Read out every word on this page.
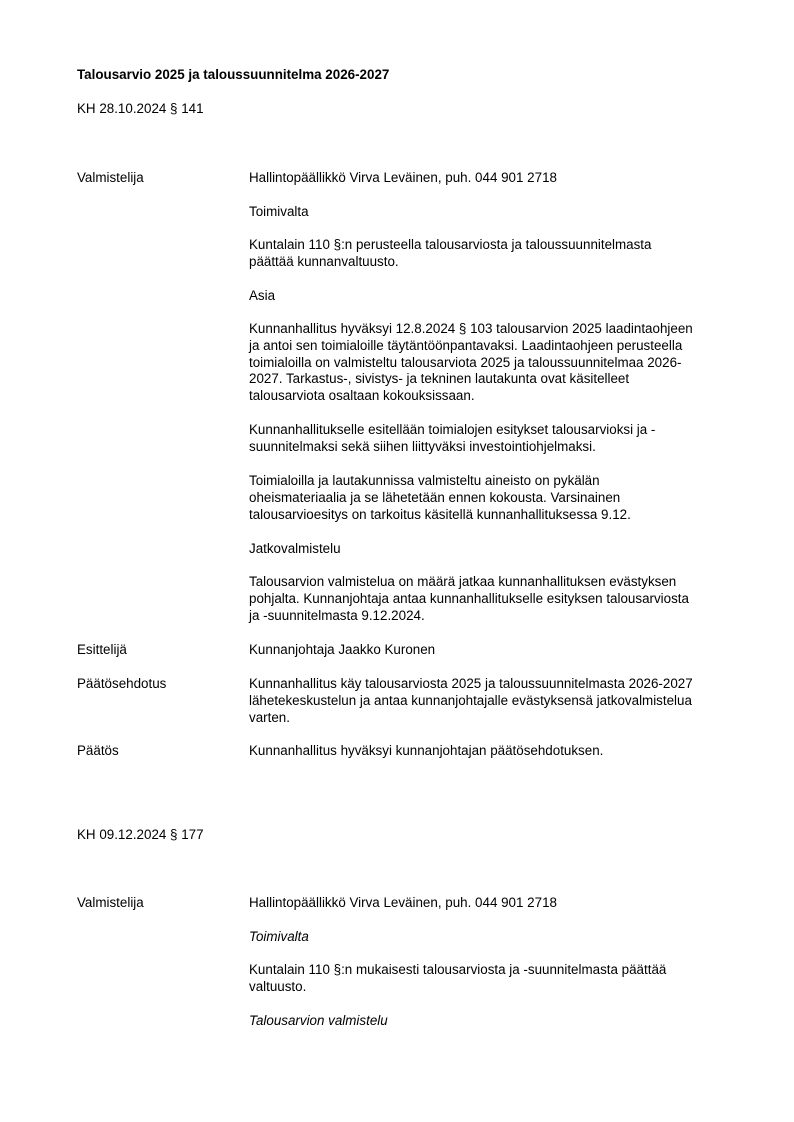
Talousarvio 2025 ja taloussuunnitelma 2026-2027
KH 28.10.2024 § 141
Valmistelija	Hallintopäällikkö Virva Leväinen, puh. 044 901 2718
Toimivalta

Kuntalain 110 §:n perusteella talousarviosta ja taloussuunnitelmasta

päättää kunnanvaltuusto.

Asia

Kunnanhallitus hyväksyi 12.8.2024 § 103 talousarvion 2025 laadintaohjeen

ja antoi sen toimialoille täytäntöönpantavaksi. Laadintaohjeen perusteella

toimialoilla on valmisteltu talousarviota 2025 ja taloussuunnitelmaa 2026-

2027. Tarkastus-, sivistys- ja tekninen lautakunta ovat käsitelleet

talousarviota osaltaan kokouksissaan.

Kunnanhallitukselle esitellään toimialojen esitykset talousarvioksi ja -

suunnitelmaksi sekä siihen liittyväksi investointiohjelmaksi.

Toimialoilla ja lautakunnissa valmisteltu aineisto on pykälän

oheismateriaalia ja se lähetetään ennen kokousta. Varsinainen

talousarvioesitys on tarkoitus käsitellä kunnanhallituksessa 9.12.

Jatkovalmistelu

Talousarvion valmistelua on määrä jatkaa kunnanhallituksen evästyksen

pohjalta. Kunnanjohtaja antaa kunnanhallitukselle esityksen talousarviosta

ja -suunnitelmasta 9.12.2024.

Esittelijä	Kunnanjohtaja Jaakko Kuronen
Päätösehdotus	Kunnanhallitus käy talousarviosta 2025 ja taloussuunnitelmasta 2026-2027

lähetekeskustelun ja antaa kunnanjohtajalle evästyksensä jatkovalmistelua

varten.

Päätös	Kunnanhallitus hyväksyi kunnanjohtajan päätösehdotuksen.
KH 09.12.2024 § 177
Valmistelija	Hallintopäällikkö Virva Leväinen, puh. 044 901 2718
Toimivalta

Kuntalain 110 §:n mukaisesti talousarviosta ja -suunnitelmasta päättää

valtuusto.

Talousarvion valmistelu
